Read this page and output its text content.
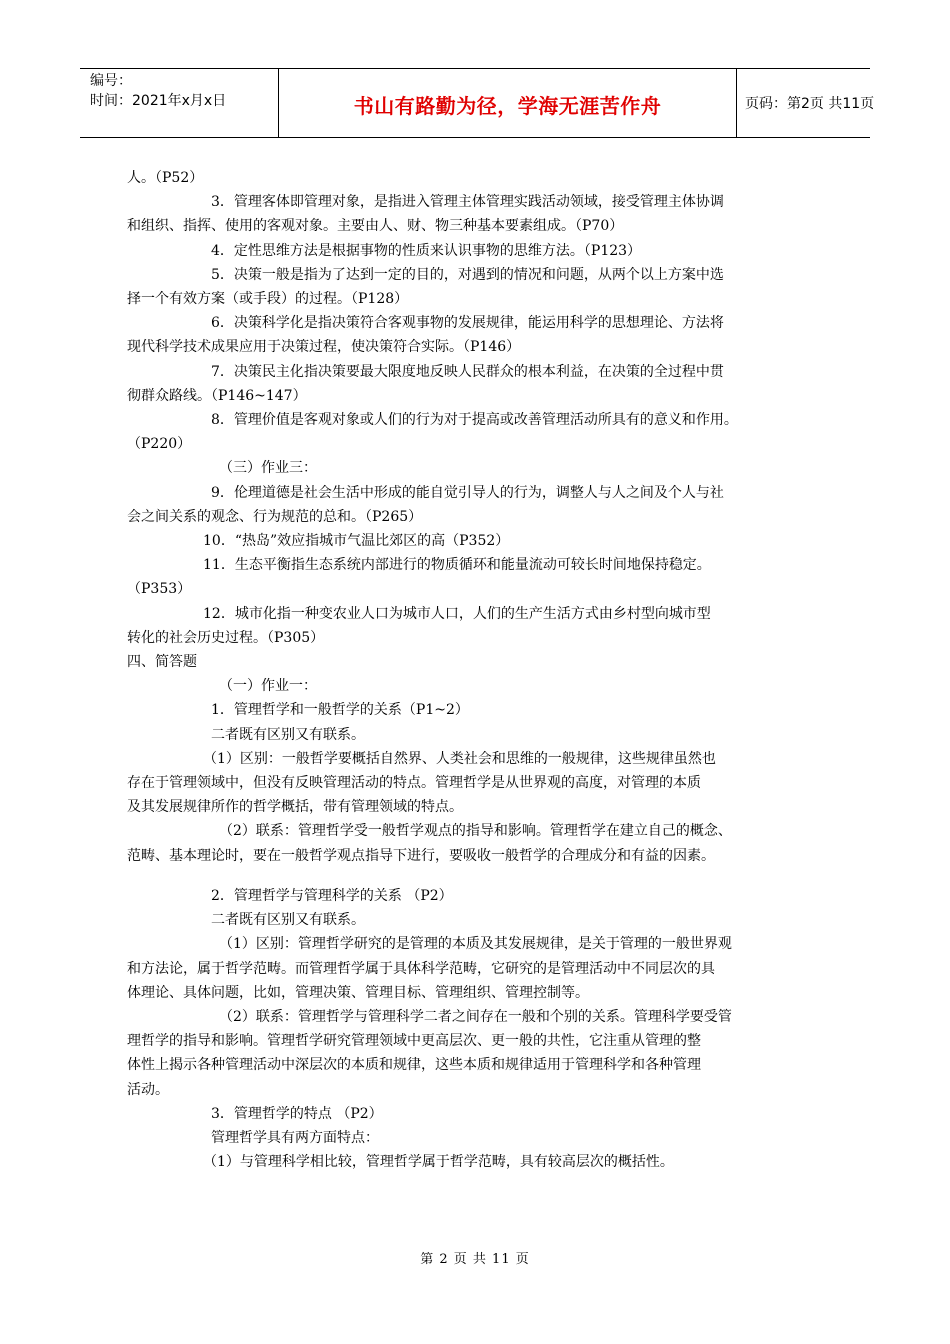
编号：
时间：2021年x月x日	书山有路勤为径，学海无涯苦作舟	页码：第2页 共11页

人。（P52）

3．管理客体即管理对象，是指进入管理主体管理实践活动领域，接受管理主体协调

和组织、指挥、使用的客观对象。主要由人、财、物三种基本要素组成。（P70）

4．定性思维方法是根据事物的性质来认识事物的思维方法。（P123）

5．决策一般是指为了达到一定的目的，对遇到的情况和问题，从两个以上方案中选

择一个有效方案（或手段）的过程。（P128）

6．决策科学化是指决策符合客观事物的发展规律，能运用科学的思想理论、方法将

现代科学技术成果应用于决策过程，使决策符合实际。（P146）

7．决策民主化指决策要最大限度地反映人民群众的根本利益，在决策的全过程中贯

彻群众路线。（P146~147）

8．管理价值是客观对象或人们的行为对于提高或改善管理活动所具有的意义和作用。

（P220）

（三）作业三：

9．伦理道德是社会生活中形成的能自觉引导人的行为，调整人与人之间及个人与社

会之间关系的观念、行为规范的总和。（P265）

10．“热岛”效应指城市气温比郊区的高（P352）

11．生态平衡指生态系统内部进行的物质循环和能量流动可较长时间地保持稳定。

（P353）

12．城市化指一种变农业人口为城市人口，人们的生产生活方式由乡村型向城市型

转化的社会历史过程。（P305）

四、简答题

（一）作业一：

1．管理哲学和一般哲学的关系（P1~2）

二者既有区别又有联系。

（1）区别：一般哲学要概括自然界、人类社会和思维的一般规律，这些规律虽然也

存在于管理领域中，但没有反映管理活动的特点。管理哲学是从世界观的高度，对管理的本质

及其发展规律所作的哲学概括，带有管理领域的特点。

（2）联系：管理哲学受一般哲学观点的指导和影响。管理哲学在建立自己的概念、

范畴、基本理论时，要在一般哲学观点指导下进行，要吸收一般哲学的合理成分和有益的因素。

2．管理哲学与管理科学的关系 （P2）

二者既有区别又有联系。

（1）区别：管理哲学研究的是管理的本质及其发展规律，是关于管理的一般世界观

和方法论，属于哲学范畴。而管理哲学属于具体科学范畴，它研究的是管理活动中不同层次的具

体理论、具体问题，比如，管理决策、管理目标、管理组织、管理控制等。

（2）联系：管理哲学与管理科学二者之间存在一般和个别的关系。管理科学要受管

理哲学的指导和影响。管理哲学研究管理领域中更高层次、更一般的共性，它注重从管理的整

体性上揭示各种管理活动中深层次的本质和规律，这些本质和规律适用于管理科学和各种管理

活动。

3．管理哲学的特点 （P2）

管理哲学具有两方面特点：

（1）与管理科学相比较，管理哲学属于哲学范畴，具有较高层次的概括性。

第 2 页 共 11 页
